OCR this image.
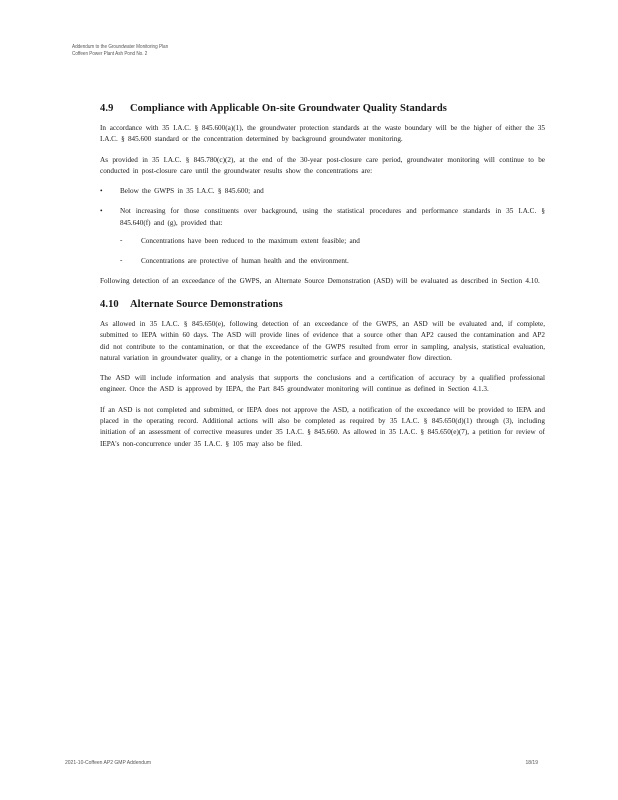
Addendum to the Groundwater Monitoring Plan
Coffeen Power Plant Ash Pond No. 2
4.9 Compliance with Applicable On-site Groundwater Quality Standards

In accordance with 35 I.A.C. § 845.600(a)(1), the groundwater protection standards at the waste boundary will be the higher of either the 35 I.A.C. § 845.600 standard or the concentration determined by background groundwater monitoring.

As provided in 35 I.A.C. § 845.780(c)(2), at the end of the 30-year post-closure care period, groundwater monitoring will continue to be conducted in post-closure care until the groundwater results show the concentrations are:

• Below the GWPS in 35 I.A.C. § 845.600; and
• Not increasing for those constituents over background, using the statistical procedures and performance standards in 35 I.A.C. § 845.640(f) and (g), provided that:
-	Concentrations have been reduced to the maximum extent feasible; and
-	Concentrations are protective of human health and the environment.

Following detection of an exceedance of the GWPS, an Alternate Source Demonstration (ASD) will be evaluated as described in Section 4.10.

4.10 Alternate Source Demonstrations

As allowed in 35 I.A.C. § 845.650(e), following detection of an exceedance of the GWPS, an ASD will be evaluated and, if complete, submitted to IEPA within 60 days. The ASD will provide lines of evidence that a source other than AP2 caused the contamination and AP2 did not contribute to the contamination, or that the exceedance of the GWPS resulted from error in sampling, analysis, statistical evaluation, natural variation in groundwater quality, or a change in the potentiometric surface and groundwater flow direction.

The ASD will include information and analysis that supports the conclusions and a certification of accuracy by a qualified professional engineer. Once the ASD is approved by IEPA, the Part 845 groundwater monitoring will continue as defined in Section 4.1.3.

If an ASD is not completed and submitted, or IEPA does not approve the ASD, a notification of the exceedance will be provided to IEPA and placed in the operating record. Additional actions will also be completed as required by 35 I.A.C. § 845.650(d)(1) through (3), including initiation of an assessment of corrective measures under 35 I.A.C. § 845.660. As allowed in 35 I.A.C. § 845.650(e)(7), a petition for review of IEPA's non-concurrence under 35 I.A.C. § 105 may also be filed.

2021-10-Coffeen AP2 GMP Addendum	18/19
